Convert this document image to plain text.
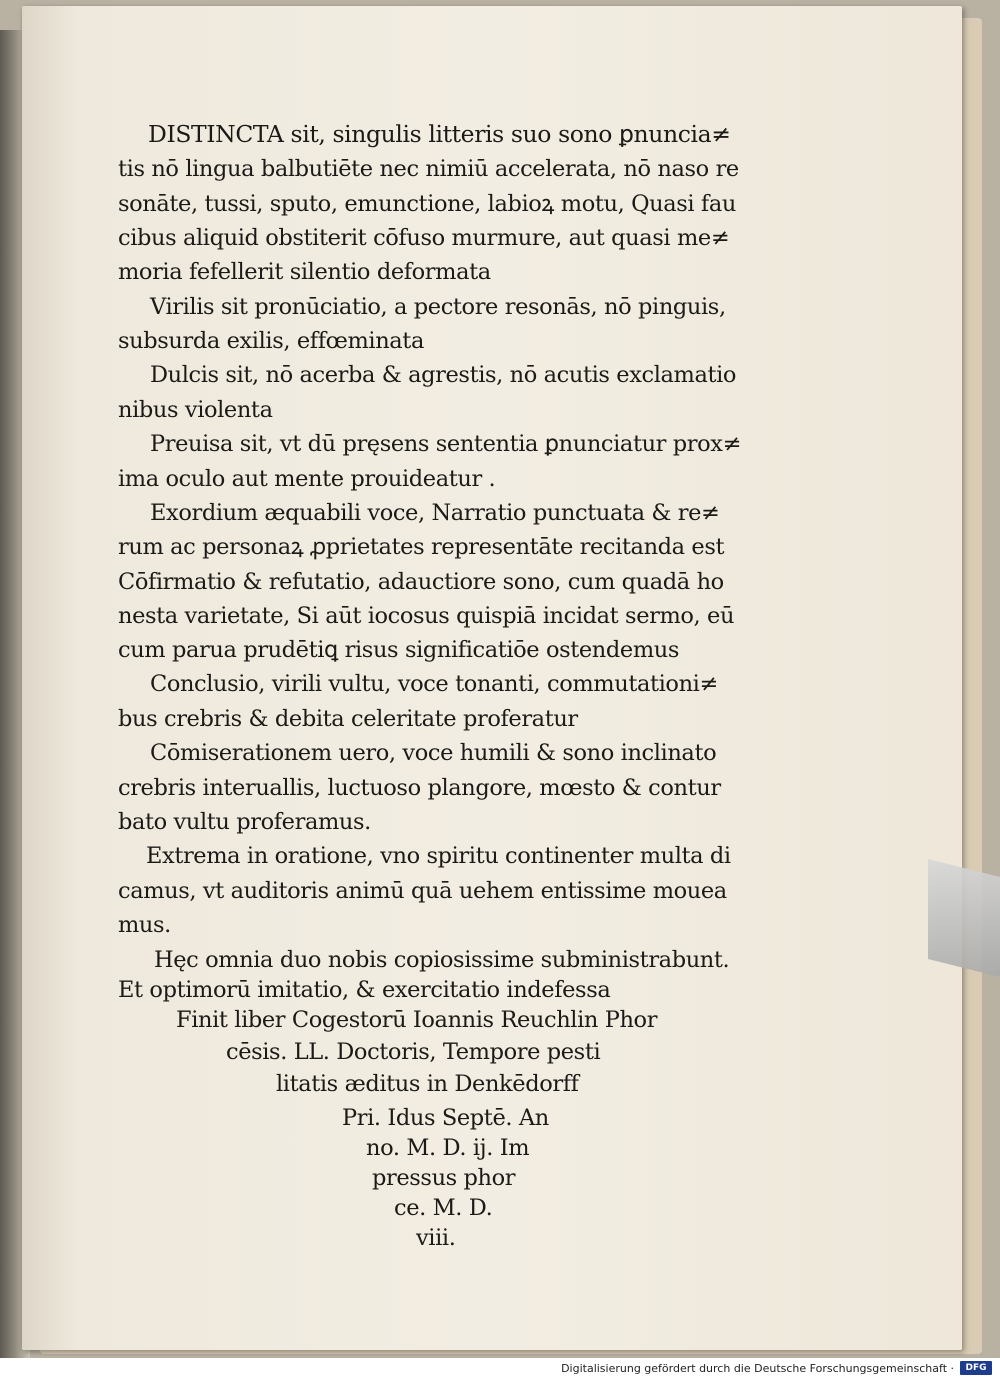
DISTINCTA sit, singulis litteris suo sono ꝑnuncia≠
tis nō lingua balbutiēte nec nimiū accelerata, nō naso re
sonāte, tussi, sputo, emunctione, labioꝝ motu, Quasi fau
cibus aliquid obstiterit cōfuso murmure, aut quasi me≠
moria fefellerit silentio deformata
Virilis sit pronūciatio, a pectore resonās, nō pinguis,
subsurda exilis, effœminata
Dulcis sit, nō acerba & agrestis, nō acutis exclamatio
nibus violenta
Preuisa sit, vt dū pręsens sententia ꝑnunciatur prox≠
ima oculo aut mente prouideatur .
Exordium æquabili voce, Narratio punctuata & re≠
rum ac personaꝝ ꝓprietates representāte recitanda est
Cōfirmatio & refutatio, adauctiore sono, cum quadā ho
nesta varietate, Si aūt iocosus quispiā incidat sermo, eū
cum parua prudētiꝗ risus significatiōe ostendemus
Conclusio, virili vultu, voce tonanti, commutationi≠
bus crebris & debita celeritate proferatur
Cōmiserationem uero, voce humili & sono inclinato
crebris interuallis, luctuoso plangore, mœsto & contur
bato vultu proferamus.
Extrema in oratione, vno spiritu continenter multa di
camus, vt auditoris animū quā uehem entissime mouea
mus.
Hęc omnia duo nobis copiosissime subministrabunt.
Et optimorū imitatio, & exercitatio indefessa
Finit liber Cogestorū Ioannis Reuchlin Phor
cēsis. LL. Doctoris, Tempore pesti
litatis æditus in Denkēdorff
Pri. Idus Septē. An
no. M. D. ij. Im
pressus phor
ce. M. D.
viii.
Digitalisierung gefördert durch die Deutsche Forschungsgemeinschaft ·	DFG
